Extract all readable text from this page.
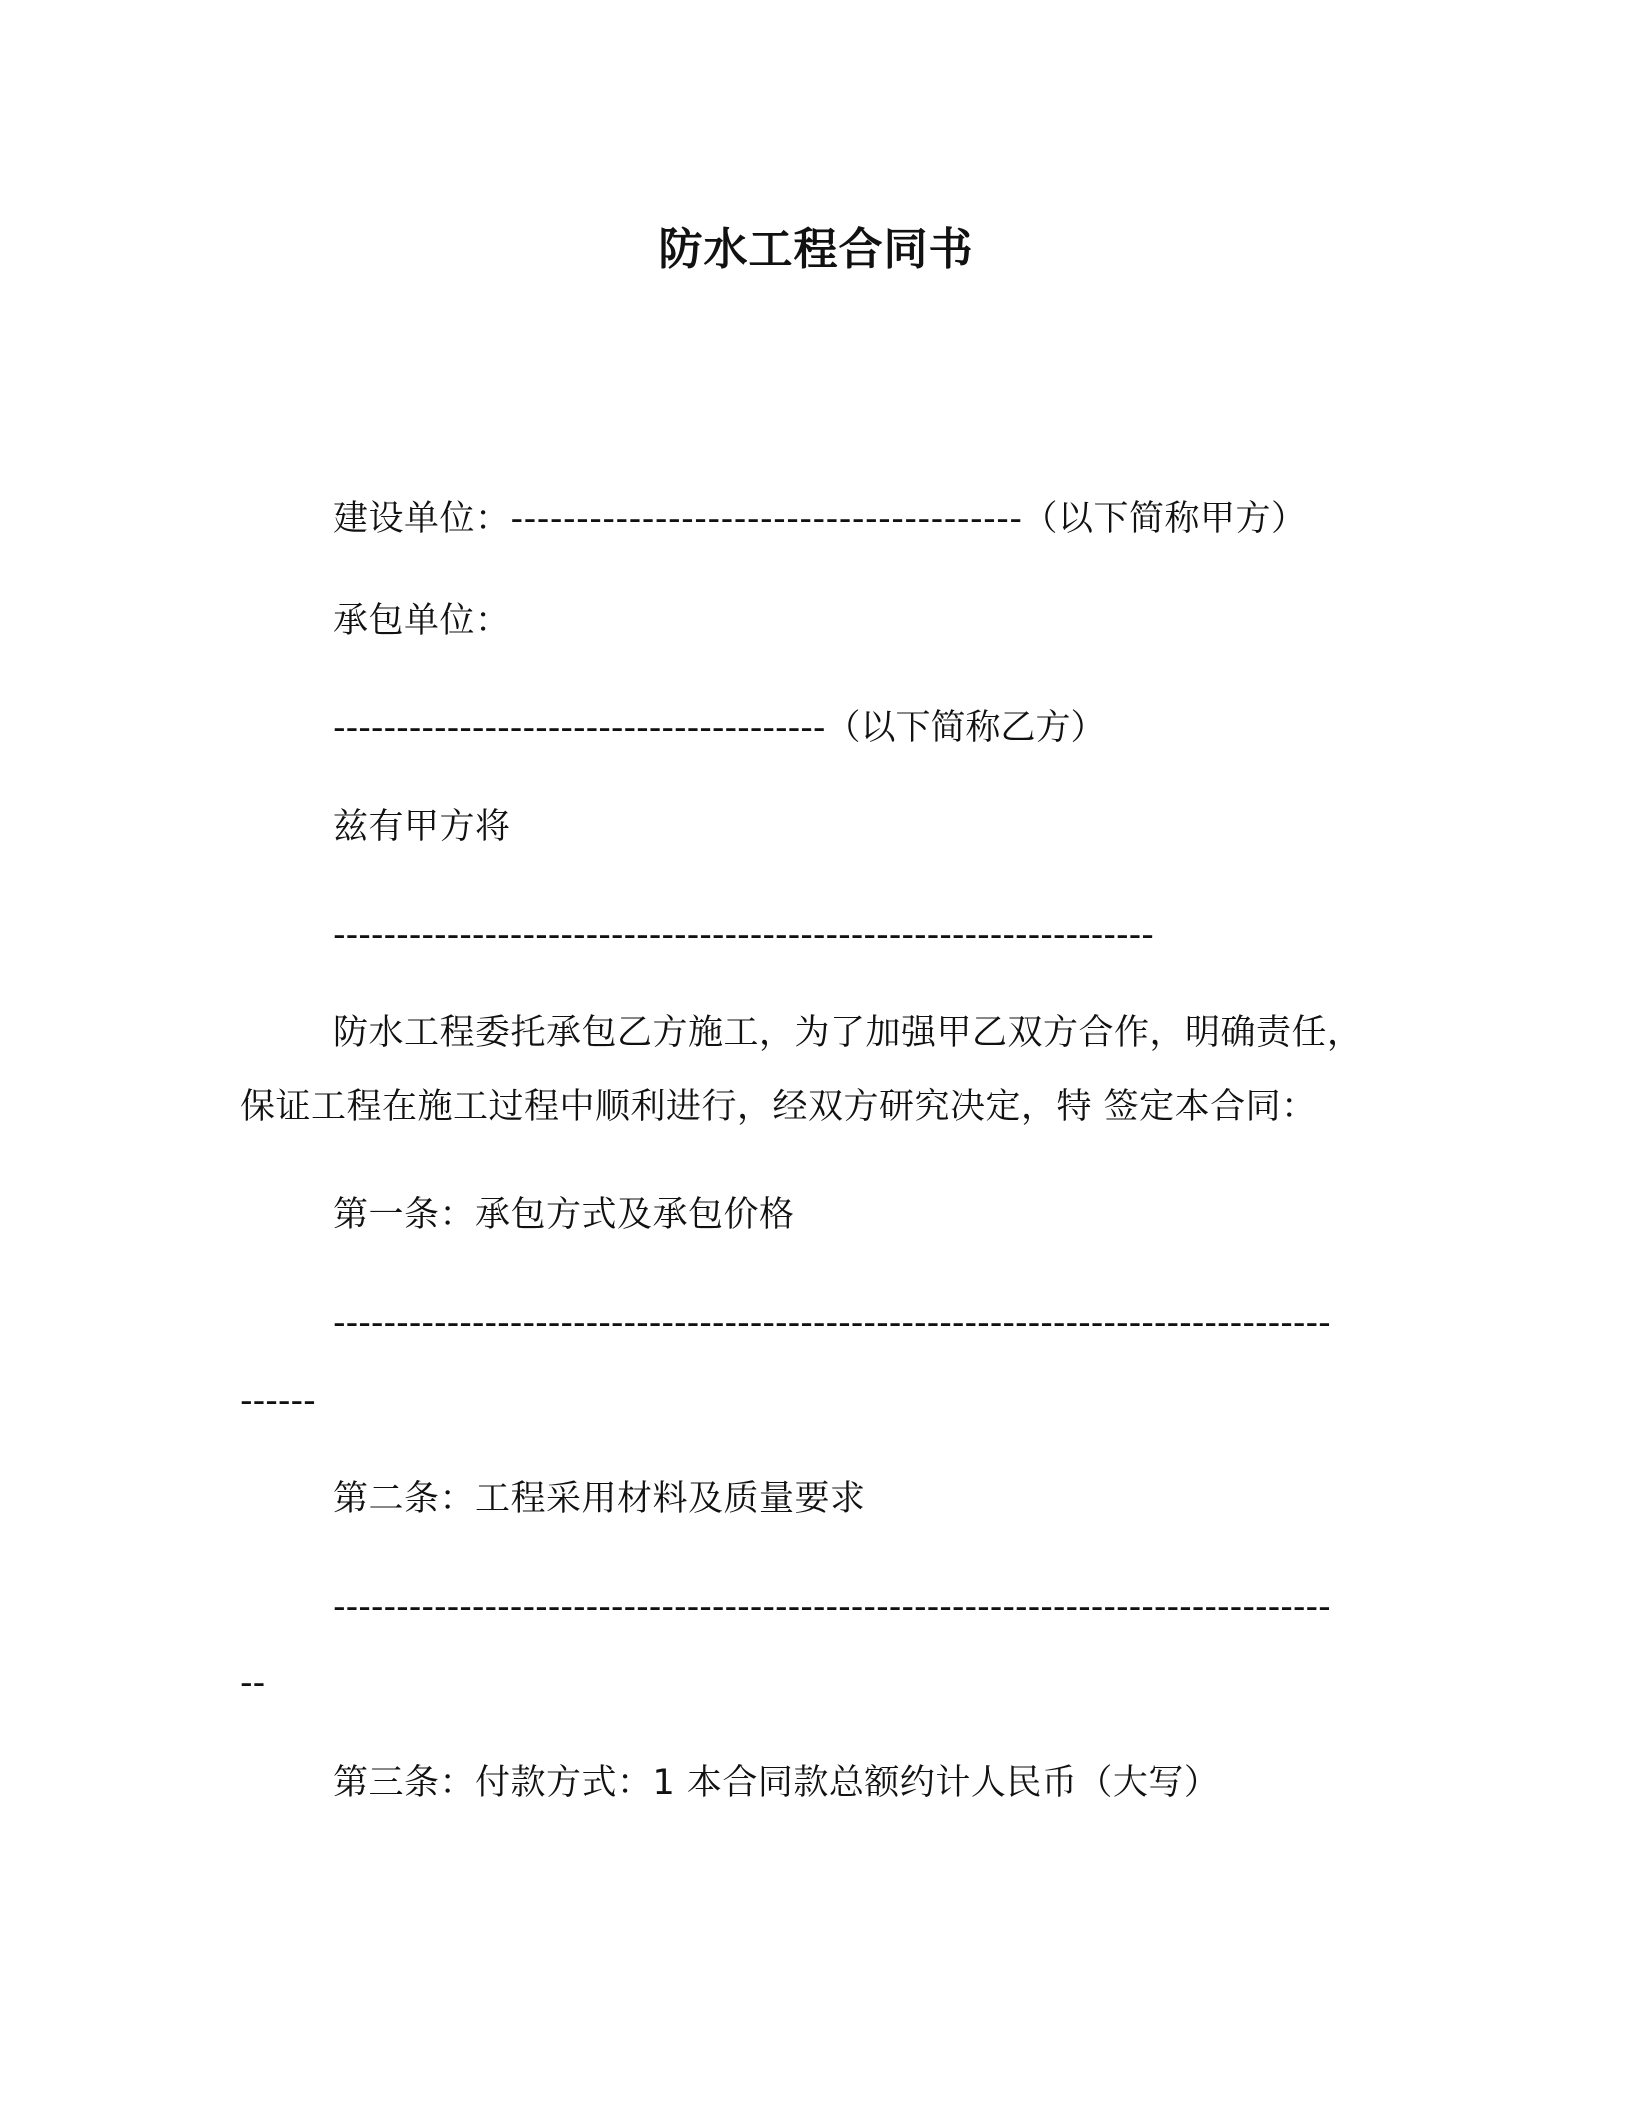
防水工程合同书
建设单位：---------------------------------------（以下简称甲方）
承包单位：
---------------------------------------（以下简称乙方）
兹有甲方将
-----------------------------------------------------------------
防水工程委托承包乙方施工，为了加强甲乙双方合作，明确责任，
保证工程在施工过程中顺利进行，经双方研究决定，特 签定本合同：
第一条：承包方式及承包价格
-------------------------------------------------------------------------------
------
第二条：工程采用材料及质量要求
-------------------------------------------------------------------------------
--
第三条：付款方式：1 本合同款总额约计人民币（大写）
